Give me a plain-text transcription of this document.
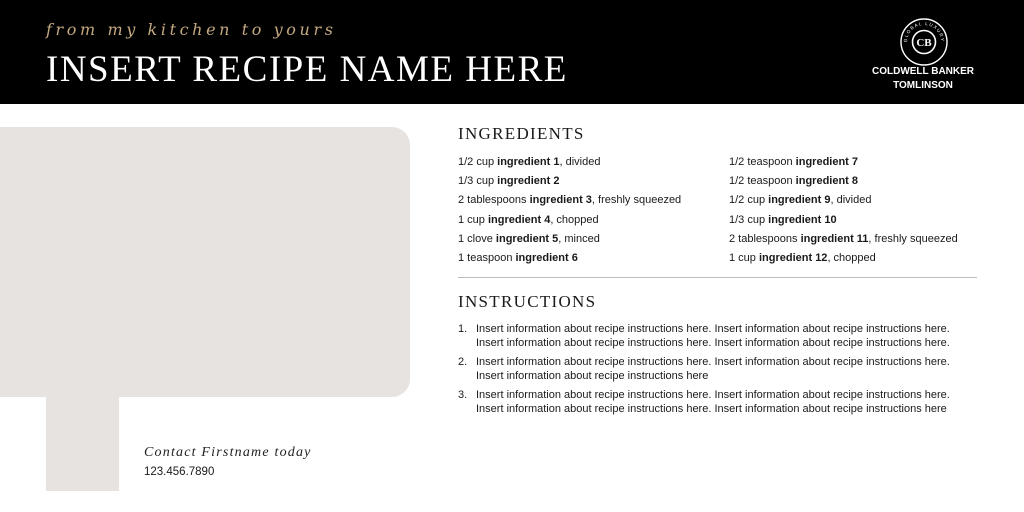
from my kitchen to yours
INSERT RECIPE NAME HERE
GLOBAL LUXURY
CB
COLDWELL BANKER
TOMLINSON
Contact Firstname today
123.456.7890
INGREDIENTS
1/2 cup ingredient 1, divided
1/3 cup ingredient 2
2 tablespoons ingredient 3, freshly squeezed
1 cup ingredient 4, chopped
1 clove ingredient 5, minced
1 teaspoon ingredient 6
1/2 teaspoon ingredient 7
1/2 teaspoon ingredient 8
1/2 cup ingredient 9, divided
1/3 cup ingredient 10
2 tablespoons ingredient 11, freshly squeezed
1 cup ingredient 12, chopped
INSTRUCTIONS
1. Insert information about recipe instructions here. Insert information about recipe instructions here. Insert information about recipe instructions here. Insert information about recipe instructions here.
2. Insert information about recipe instructions here. Insert information about recipe instructions here. Insert information about recipe instructions here
3. Insert information about recipe instructions here. Insert information about recipe instructions here. Insert information about recipe instructions here. Insert information about recipe instructions here
